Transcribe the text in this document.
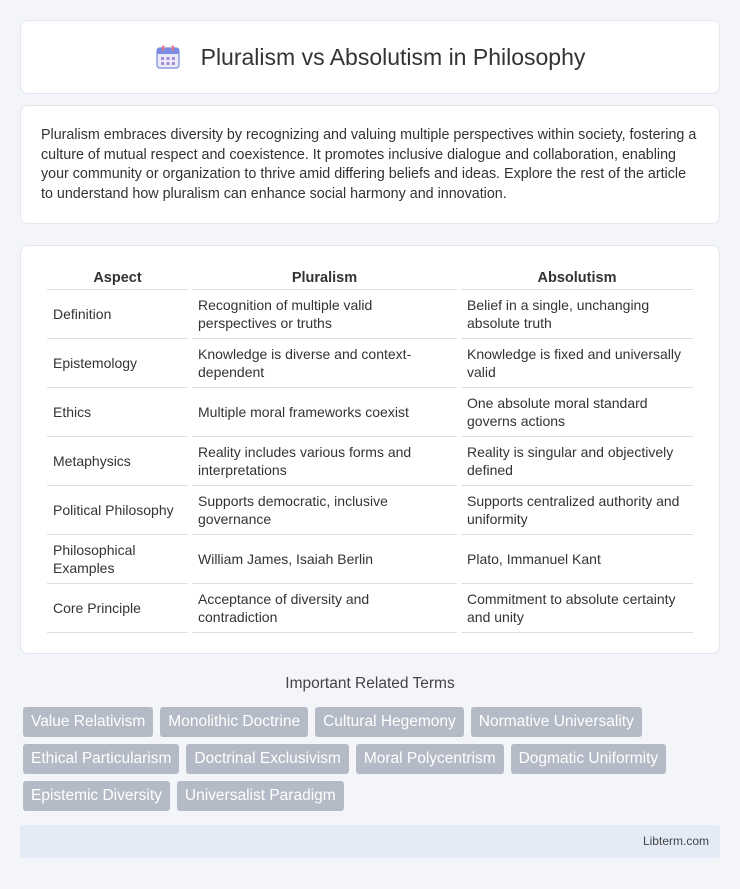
Pluralism vs Absolutism in Philosophy

Pluralism embraces diversity by recognizing and valuing multiple perspectives within society, fostering a culture of mutual respect and coexistence. It promotes inclusive dialogue and collaboration, enabling your community or organization to thrive amid differing beliefs and ideas. Explore the rest of the article to understand how pluralism can enhance social harmony and innovation.

Aspect	Pluralism	Absolutism
Definition	Recognition of multiple valid perspectives or truths	Belief in a single, unchanging absolute truth
Epistemology	Knowledge is diverse and context-dependent	Knowledge is fixed and universally valid
Ethics	Multiple moral frameworks coexist	One absolute moral standard governs actions
Metaphysics	Reality includes various forms and interpretations	Reality is singular and objectively defined
Political Philosophy	Supports democratic, inclusive governance	Supports centralized authority and uniformity
Philosophical Examples	William James, Isaiah Berlin	Plato, Immanuel Kant
Core Principle	Acceptance of diversity and contradiction	Commitment to absolute certainty and unity
Important Related Terms
Value Relativism	Monolithic Doctrine	Cultural Hegemony	Normative Universality
Ethical Particularism	Doctrinal Exclusivism	Moral Polycentrism	Dogmatic Uniformity
Epistemic Diversity	Universalist Paradigm
Libterm.com
